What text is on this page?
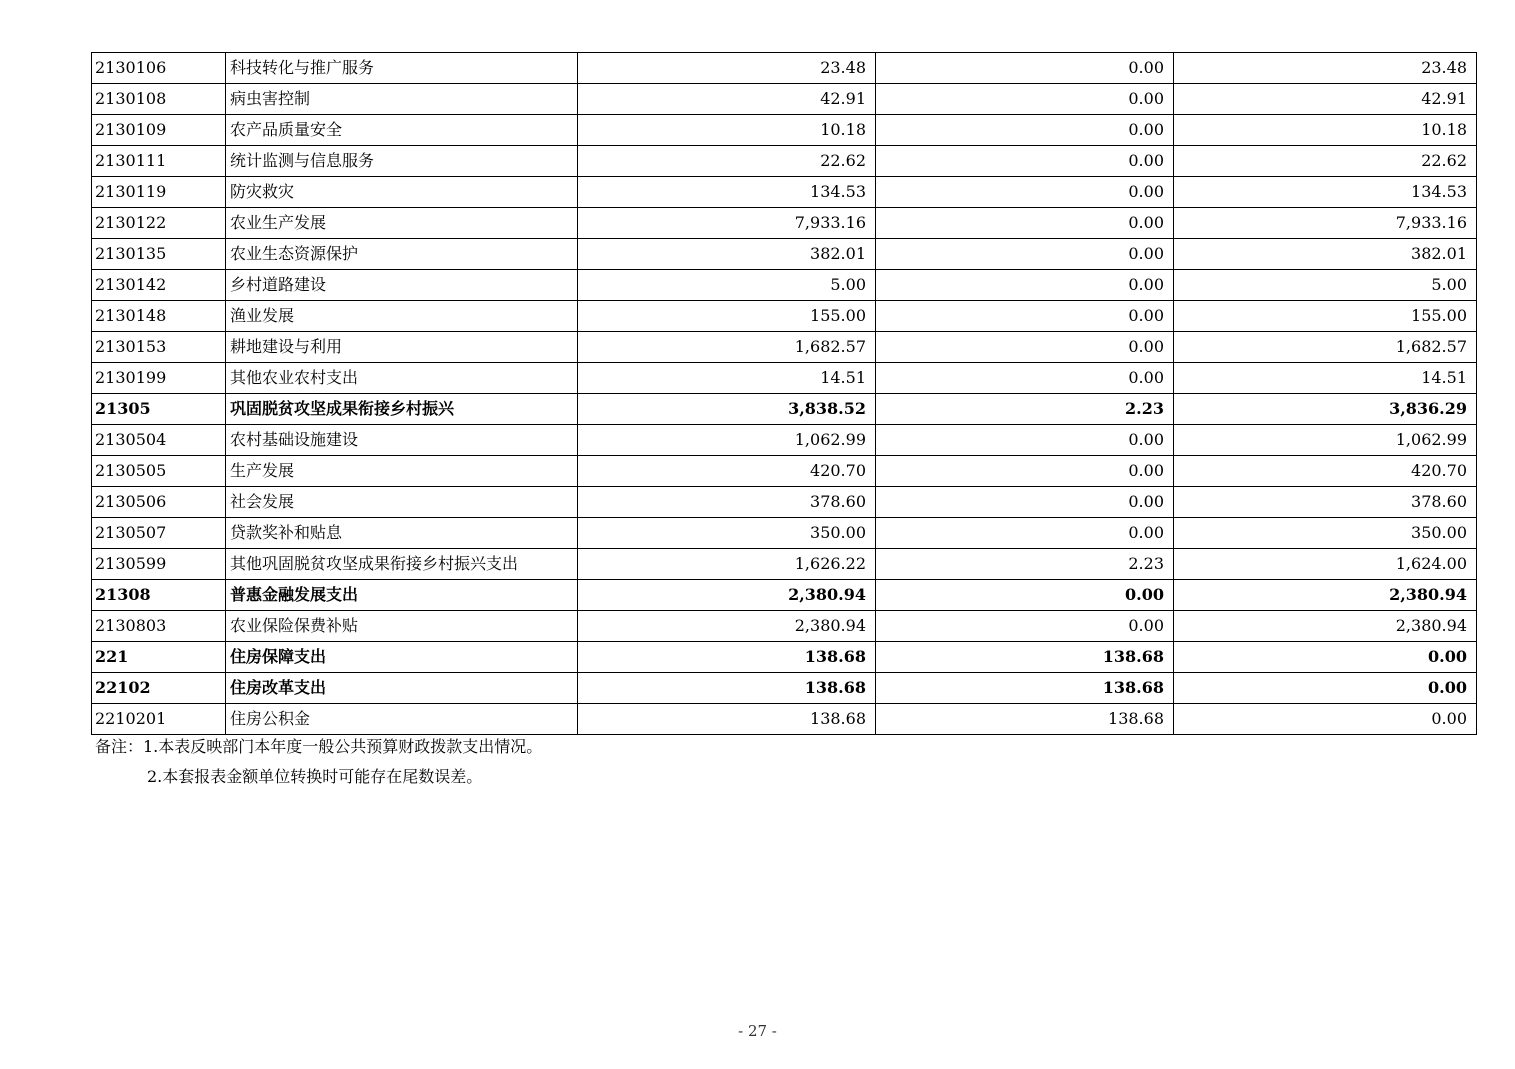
2130106	科技转化与推广服务	23.48	0.00	23.48
2130108	病虫害控制	42.91	0.00	42.91
2130109	农产品质量安全	10.18	0.00	10.18
2130111	统计监测与信息服务	22.62	0.00	22.62
2130119	防灾救灾	134.53	0.00	134.53
2130122	农业生产发展	7,933.16	0.00	7,933.16
2130135	农业生态资源保护	382.01	0.00	382.01
2130142	乡村道路建设	5.00	0.00	5.00
2130148	渔业发展	155.00	0.00	155.00
2130153	耕地建设与利用	1,682.57	0.00	1,682.57
2130199	其他农业农村支出	14.51	0.00	14.51
21305	巩固脱贫攻坚成果衔接乡村振兴	3,838.52	2.23	3,836.29
2130504	农村基础设施建设	1,062.99	0.00	1,062.99
2130505	生产发展	420.70	0.00	420.70
2130506	社会发展	378.60	0.00	378.60
2130507	贷款奖补和贴息	350.00	0.00	350.00
2130599	其他巩固脱贫攻坚成果衔接乡村振兴支出	1,626.22	2.23	1,624.00
21308	普惠金融发展支出	2,380.94	0.00	2,380.94
2130803	农业保险保费补贴	2,380.94	0.00	2,380.94
221	住房保障支出	138.68	138.68	0.00
22102	住房改革支出	138.68	138.68	0.00
2210201	住房公积金	138.68	138.68	0.00
备注：1.本表反映部门本年度一般公共预算财政拨款支出情况。
2.本套报表金额单位转换时可能存在尾数误差。
- 27 -
